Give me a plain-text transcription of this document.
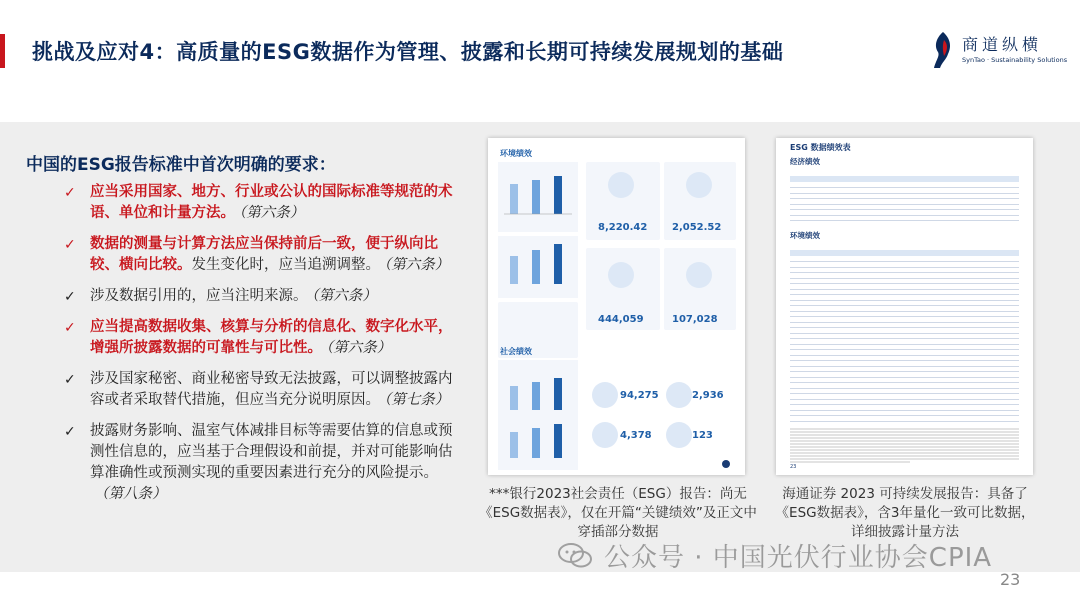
挑战及应对4：高质量的ESG数据作为管理、披露和长期可持续发展规划的基础	商道纵横
SynTao · Sustainability Solutions
中国的ESG报告标准中首次明确的要求：
✓ 应当采用国家、地方、行业或公认的国际标准等规范的术语、单位和计量方法。 （第六条）
✓ 数据的测量与计算方法应当保持前后一致，便于纵向比较、横向比较。发生变化时，应当追溯调整。 （第六条）
✓ 涉及数据引用的，应当注明来源。 （第六条）
✓ 应当提高数据收集、核算与分析的信息化、数字化水平，增强所披露数据的可靠性与可比性。 （第六条）
✓ 涉及国家秘密、商业秘密导致无法披露，可以调整披露内容或者采取替代措施，但应当充分说明原因。 （第七条）
✓ 披露财务影响、温室气体减排目标等需要估算的信息或预测性信息的，应当基于合理假设和前提，并对可能影响估算准确性或预测实现的重要因素进行充分的风险提示。（第八条）
环境绩效
8,220.42 2,052.52
444,059	107,028
社会绩效
94,275	2,936
4,378	123
ESG 数据绩效表
经济绩效
环境绩效
23
***银行2023社会责任（ESG）报告：尚无《ESG数据表》，仅在开篇“关键绩效”及正文中穿插部分数据
海通证券 2023 可持续发展报告：具备了《ESG数据表》，含3年量化一致可比数据，详细披露计量方法
公众号 · 中国光伏行业协会CPIA
23
